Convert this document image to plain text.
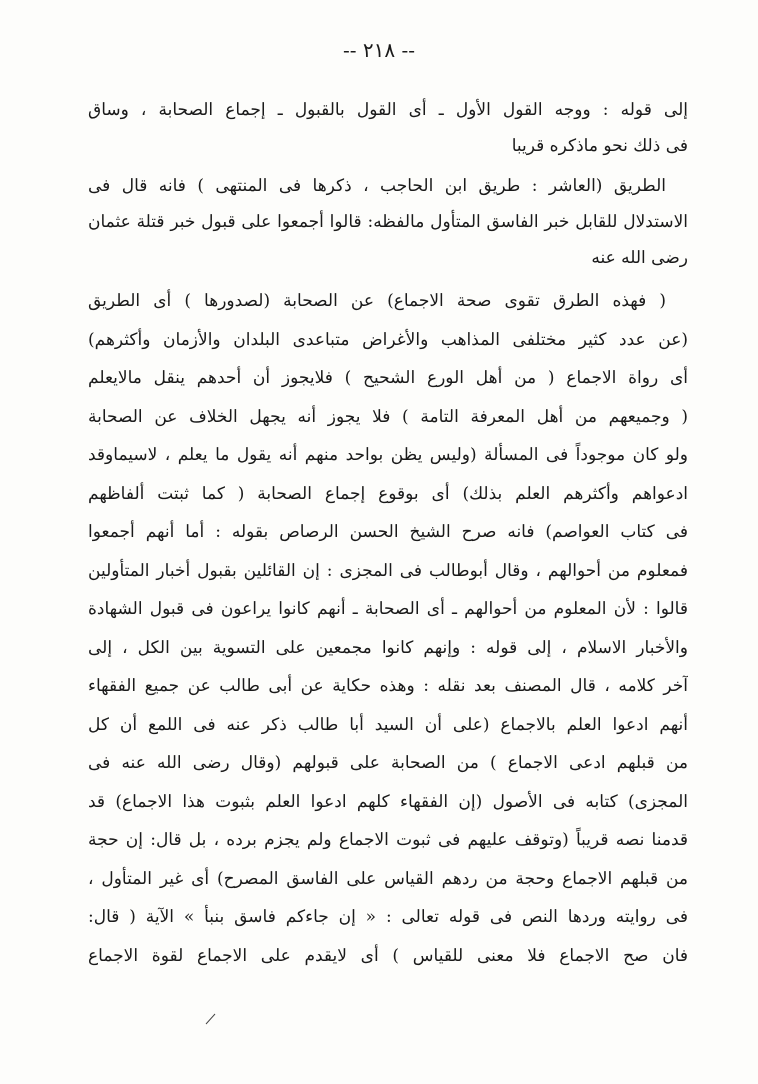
-- ٢١٨ --
إلى قوله : ووجه القول الأول ـ أى القول بالقبول ـ إجماع الصحابة ، وساق
فى ذلك نحو ماذكره قريبا
الطريق (العاشر : طريق ابن الحاجب ، ذكرها فى المنتهى ) فانه قال فى
الاستدلال للقابل خبر الفاسق المتأول مالفظه: قالوا أجمعوا على قبول خبر قتلة عثمان
رضى الله عنه
( فهذه الطرق تقوى صحة الاجماع) عن الصحابة (لصدورها ) أى الطريق
(عن عدد كثير مختلفى المذاهب والأغراض متباعدى البلدان والأزمان وأكثرهم)
أى رواة الاجماع ( من أهل الورع الشحيح ) فلايجوز أن أحدهم ينقل مالايعلم
( وجميعهم من أهل المعرفة التامة ) فلا يجوز أنه يجهل الخلاف عن الصحابة
ولو كان موجوداً فى المسألة (وليس يظن بواحد منهم أنه يقول ما يعلم ، لاسيماوقد
ادعواهم وأكثرهم العلم بذلك) أى بوقوع إجماع الصحابة ( كما ثبتت ألفاظهم
فى كتاب العواصم) فانه صرح الشيخ الحسن الرصاص بقوله : أما أنهم أجمعوا
فمعلوم من أحوالهم ، وقال أبوطالب فى المجزى : إن القائلين بقبول أخبار المتأولين
قالوا : لأن المعلوم من أحوالهم ـ أى الصحابة ـ أنهم كانوا يراعون فى قبول الشهادة
والأخبار الاسلام ، إلى قوله : وإنهم كانوا مجمعين على التسوية بين الكل ، إلى
آخر كلامه ، قال المصنف بعد نقله : وهذه حكاية عن أبى طالب عن جميع الفقهاء
أنهم ادعوا العلم بالاجماع (على أن السيد أبا طالب ذكر عنه فى اللمع أن كل
من قبلهم ادعى الاجماع ) من الصحابة على قبولهم (وقال رضى الله عنه فى
المجزى) كتابه فى الأصول (إن الفقهاء كلهم ادعوا العلم بثبوت هذا الاجماع) قد
قدمنا نصه قريباً (وتوقف عليهم فى ثبوت الاجماع ولم يجزم برده ، بل قال: إن حجة
من قبلهم الاجماع وحجة من ردهم القياس على الفاسق المصرح) أى غير المتأول ،
فى روايته وردها النص فى قوله تعالى : « إن جاءكم فاسق بنبأ » الآية ( قال:
فان صح الاجماع فلا معنى للقياس ) أى لايقدم على الاجماع لقوة الاجماع
